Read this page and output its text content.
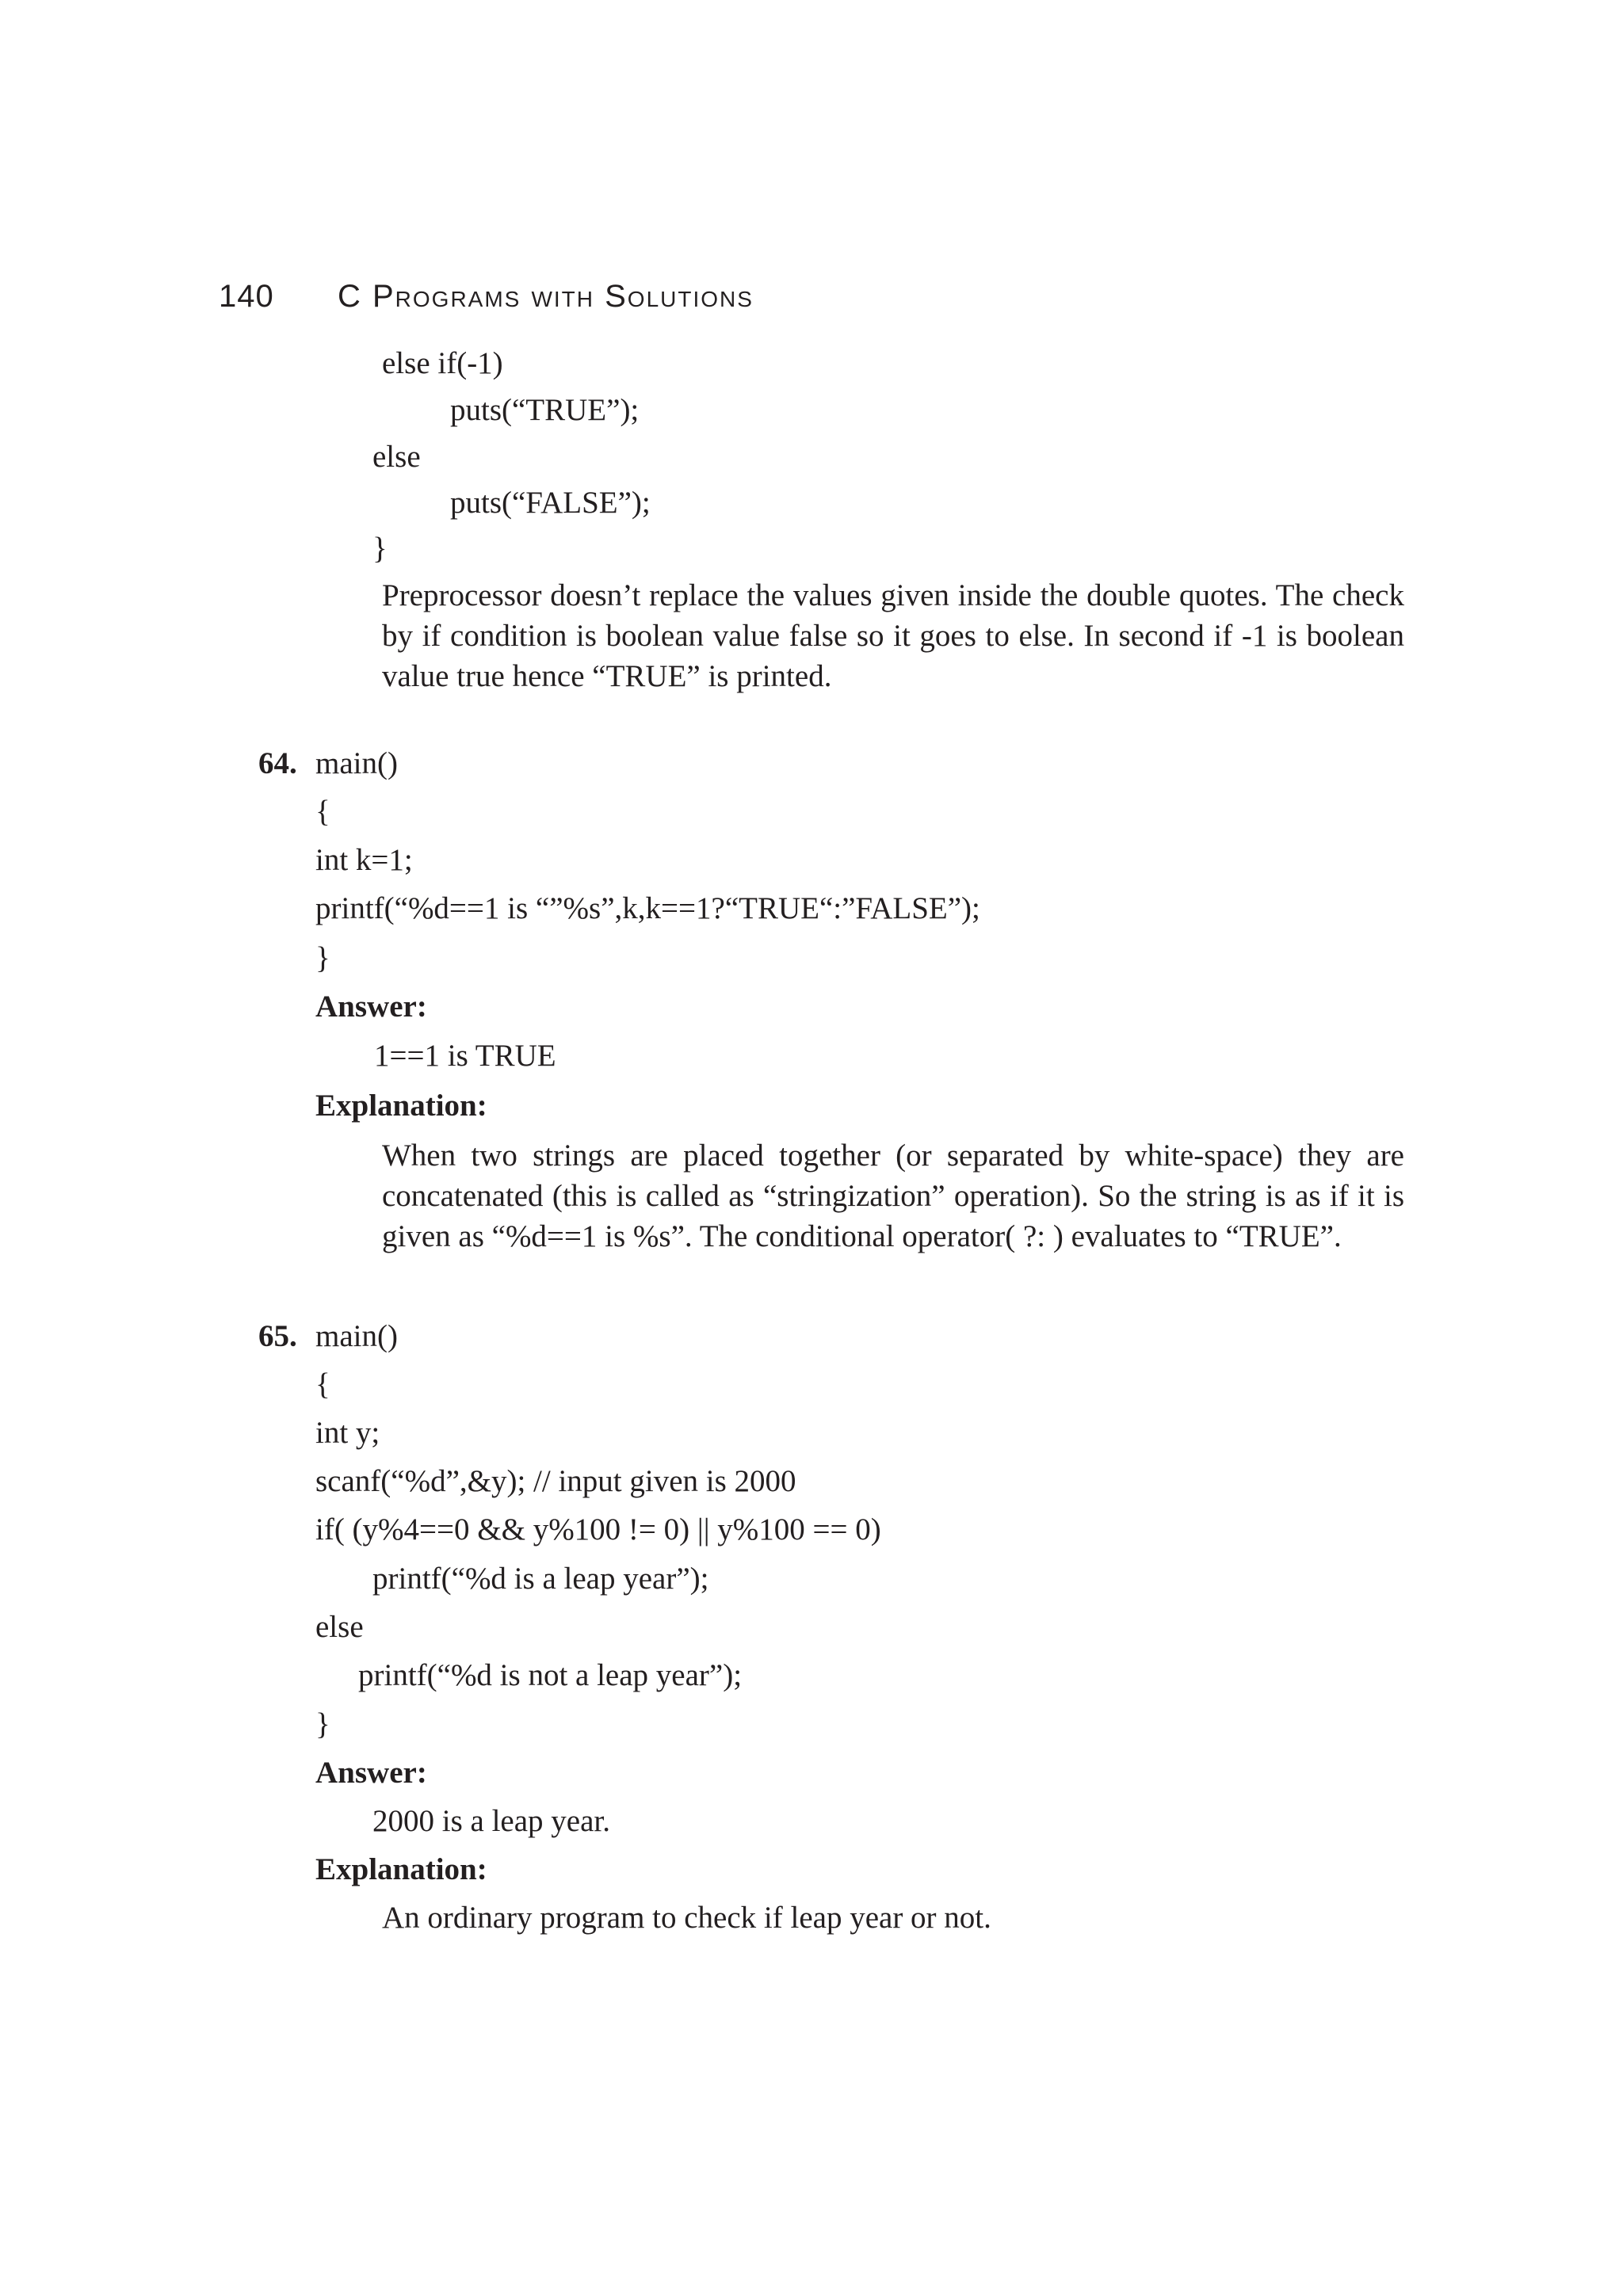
140 C Programs with Solutions
else if(-1)
puts(“TRUE”);
else
puts(“FALSE”);
}
Preprocessor doesn’t replace the values given inside the double quotes. The check by if condition is boolean value false so it goes to else. In second if -1 is boolean value true hence “TRUE” is printed.
64. main()
{
int k=1;
printf(“%d==1 is “”%s”,k,k==1?“TRUE“:”FALSE”);
}
Answer:
1==1 is TRUE
Explanation:
When two strings are placed together (or separated by white-space) they are concatenated (this is called as “stringization” operation). So the string is as if it is given as “%d==1 is %s”. The conditional operator( ?: ) evaluates to “TRUE”.
65. main()
{
int y;
scanf(“%d”,&y); // input given is 2000
if( (y%4==0 && y%100 != 0) || y%100 == 0)
printf(“%d is a leap year”);
else
printf(“%d is not a leap year”);
}
Answer:
2000 is a leap year.
Explanation:
An ordinary program to check if leap year or not.
